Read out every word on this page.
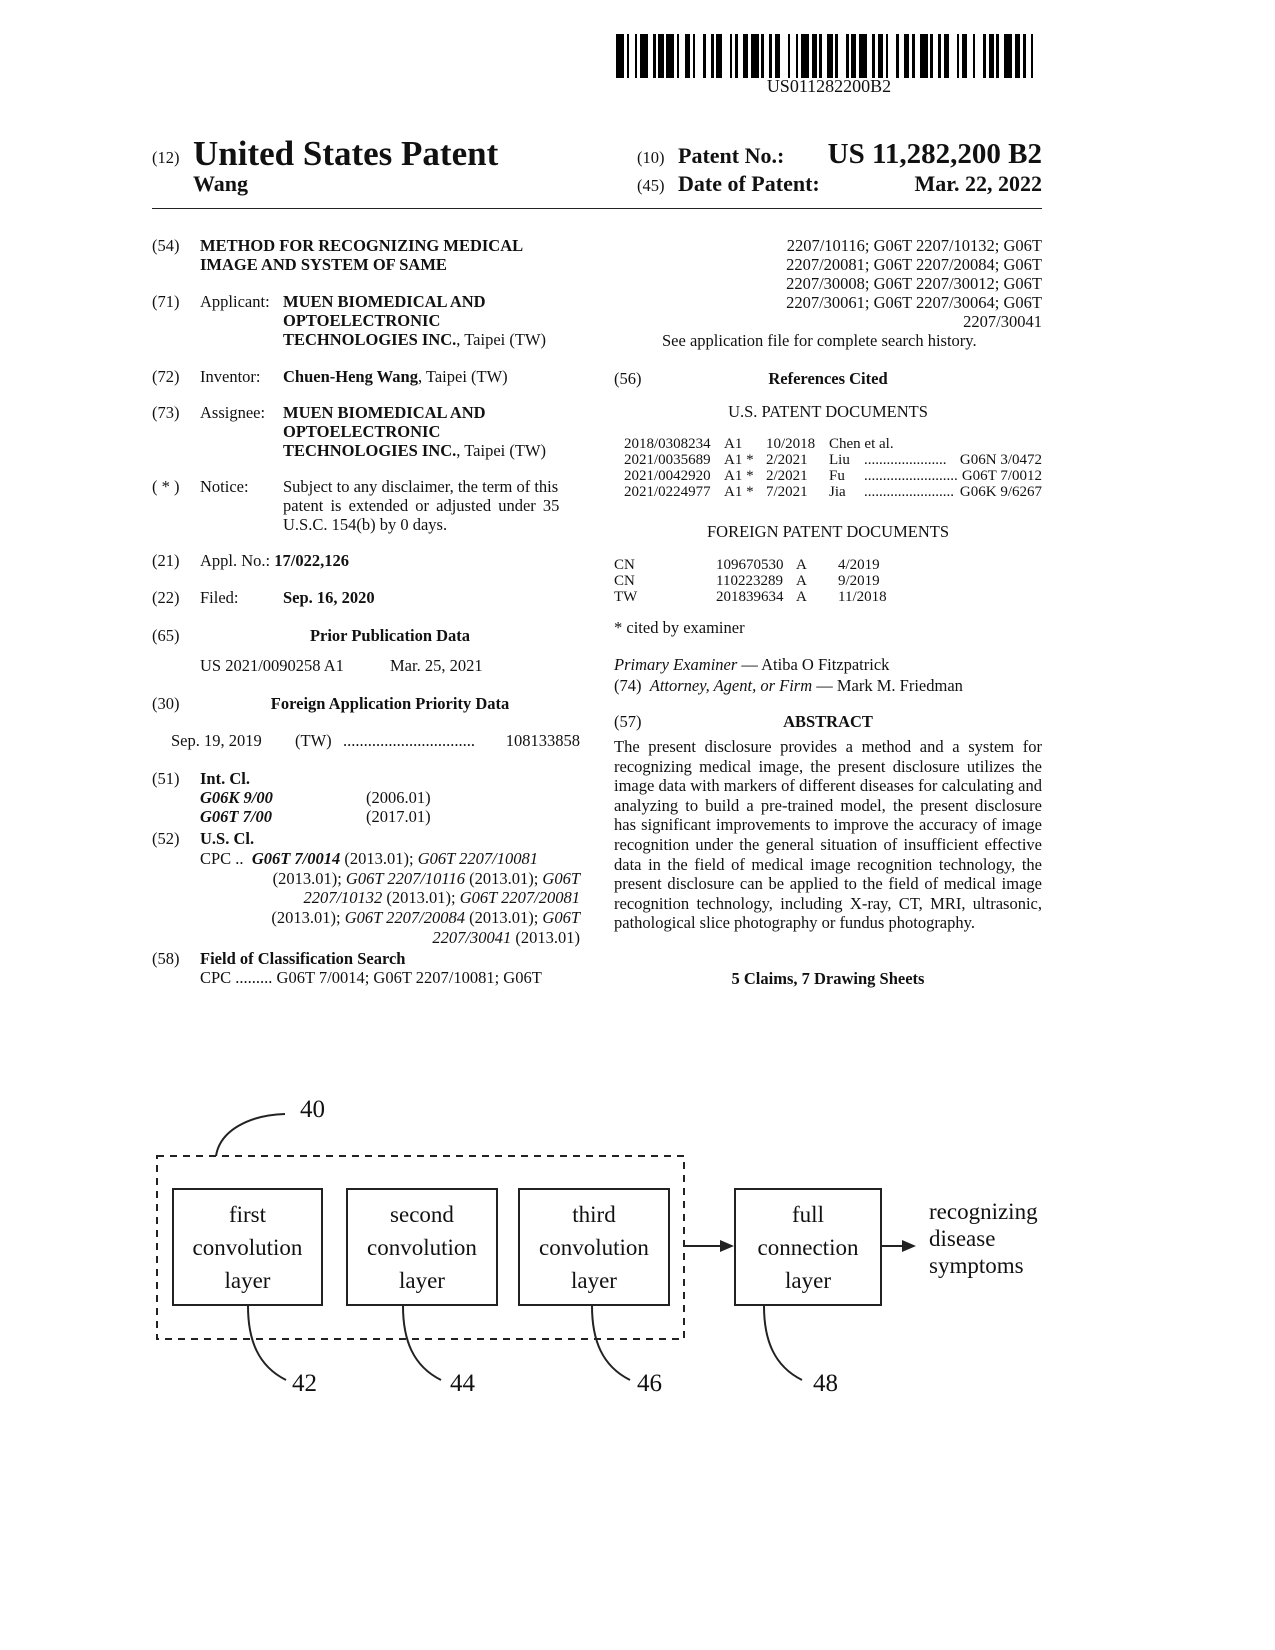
US011282200B2
(12) United States Patent
Wang
(10) Patent No.:	US 11,282,200 B2
(45) Date of Patent:	Mar. 22, 2022
(54) METHOD FOR RECOGNIZING MEDICAL
IMAGE AND SYSTEM OF SAME
(71) Applicant: MUEN BIOMEDICAL AND
OPTOELECTRONIC
TECHNOLOGIES INC., Taipei (TW)
(72) Inventor: Chuen-Heng Wang, Taipei (TW)
(73) Assignee: MUEN BIOMEDICAL AND
OPTOELECTRONIC
TECHNOLOGIES INC., Taipei (TW)
( * ) Notice: Subject to any disclaimer, the term of this
patent is extended or adjusted under 35
U.S.C. 154(b) by 0 days.
(21) Appl. No.: 17/022,126
(22) Filed:	Sep. 16, 2020
(65)	Prior Publication Data
US 2021/0090258 A1	Mar. 25, 2021
(30)	Foreign Application Priority Data
Sep. 19, 2019 (TW) ................................	108133858
(51) Int. Cl.
G06K 9/00	(2006.01)
G06T 7/00	(2017.01)
(52) U.S. Cl.
CPC .. G06T 7/0014 (2013.01); G06T 2207/10081
(2013.01); G06T 2207/10116 (2013.01); G06T
2207/10132 (2013.01); G06T 2207/20081
(2013.01); G06T 2207/20084 (2013.01); G06T
2207/30041 (2013.01)
(58) Field of Classification Search
CPC ......... G06T 7/0014; G06T 2207/10081; G06T
2207/10116; G06T 2207/10132; G06T
2207/20081; G06T 2207/20084; G06T
2207/30008; G06T 2207/30012; G06T
2207/30061; G06T 2207/30064; G06T
2207/30041
See application file for complete search history.
(56)	References Cited
U.S. PATENT DOCUMENTS
2018/0308234 A1 10/2018 Chen et al.
2021/0035689 A1 * 2/2021 Liu ...................... G06N 3/0472
2021/0042920 A1 * 2/2021 Fu ......................... G06T 7/0012
2021/0224977 A1 * 7/2021 Jia ........................ G06K 9/6267
FOREIGN PATENT DOCUMENTS
CN	109670530 A 4/2019
CN	110223289 A 9/2019
TW	201839634 A 11/2018
* cited by examiner
Primary Examiner — Atiba O Fitzpatrick
(74) Attorney, Agent, or Firm — Mark M. Friedman
(57)	ABSTRACT
The present disclosure provides a method and a system for recognizing medical image, the present disclosure utilizes the image data with markers of different diseases for calculating and analyzing to build a pre-trained model, the present disclosure has significant improvements to improve the accuracy of image recognition under the general situation of insufficient effective data in the field of medical image recognition technology, the present disclosure can be applied to the field of medical image recognition technology, including X-ray, CT, MRI, ultrasonic, pathological slice photography or fundus photography.
5 Claims, 7 Drawing Sheets
40
first
convolution
layer
second
convolution
layer
third
convolution
layer
full
connection
layer
recognizing
disease
symptoms
42	44	46	48
